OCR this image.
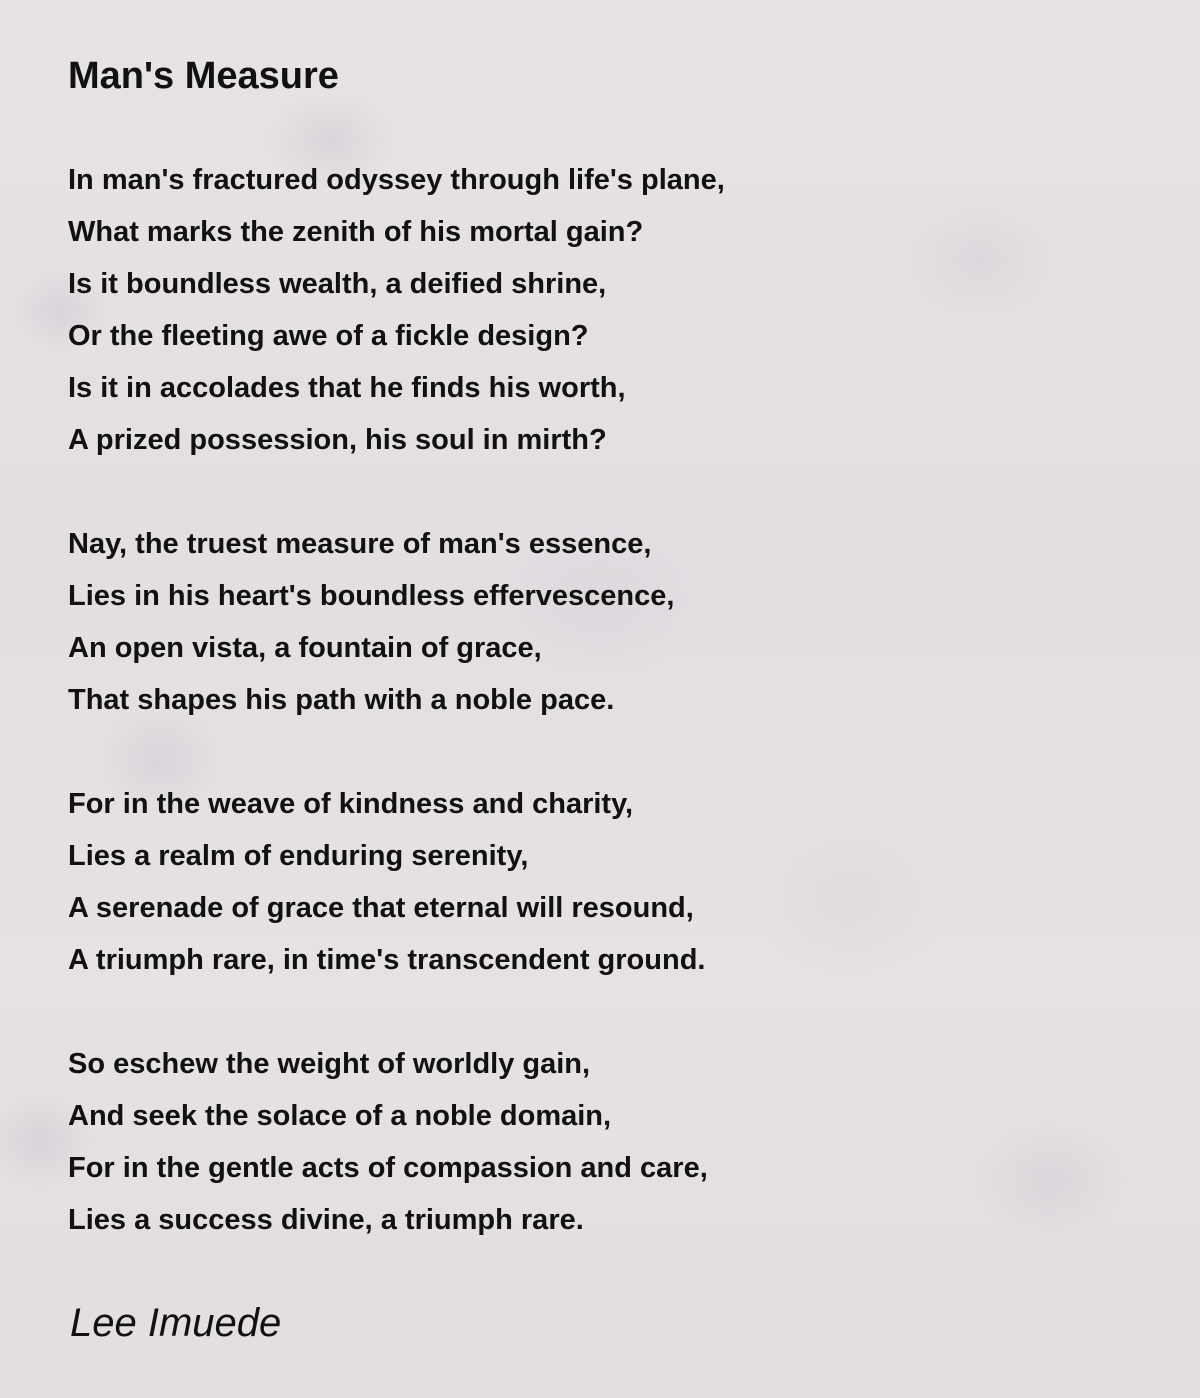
Man's Measure
In man's fractured odyssey through life's plane,
What marks the zenith of his mortal gain?
Is it boundless wealth, a deified shrine,
Or the fleeting awe of a fickle design?
Is it in accolades that he finds his worth,
A prized possession, his soul in mirth?
Nay, the truest measure of man's essence,
Lies in his heart's boundless effervescence,
An open vista, a fountain of grace,
That shapes his path with a noble pace.
For in the weave of kindness and charity,
Lies a realm of enduring serenity,
A serenade of grace that eternal will resound,
A triumph rare, in time's transcendent ground.
So eschew the weight of worldly gain,
And seek the solace of a noble domain,
For in the gentle acts of compassion and care,
Lies a success divine, a triumph rare.
Lee Imuede
